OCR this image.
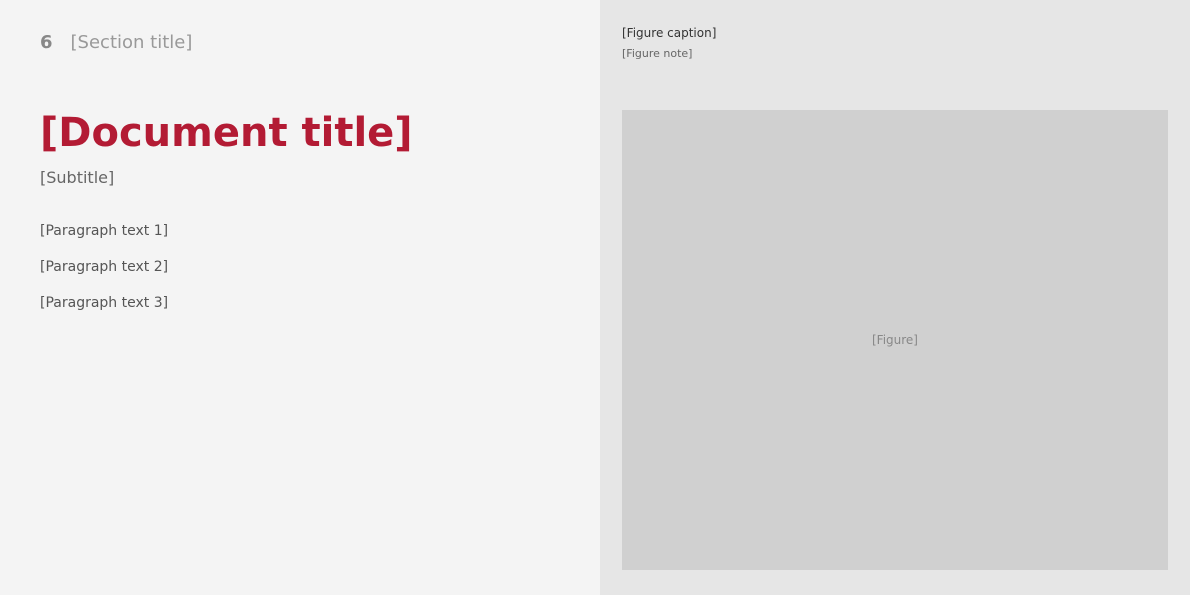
6 [Section title]
[Document title]
[Subtitle]

[Paragraph text 1]

[Paragraph text 2]

[Paragraph text 3]

[Figure caption]
[Figure note]
[Figure]
